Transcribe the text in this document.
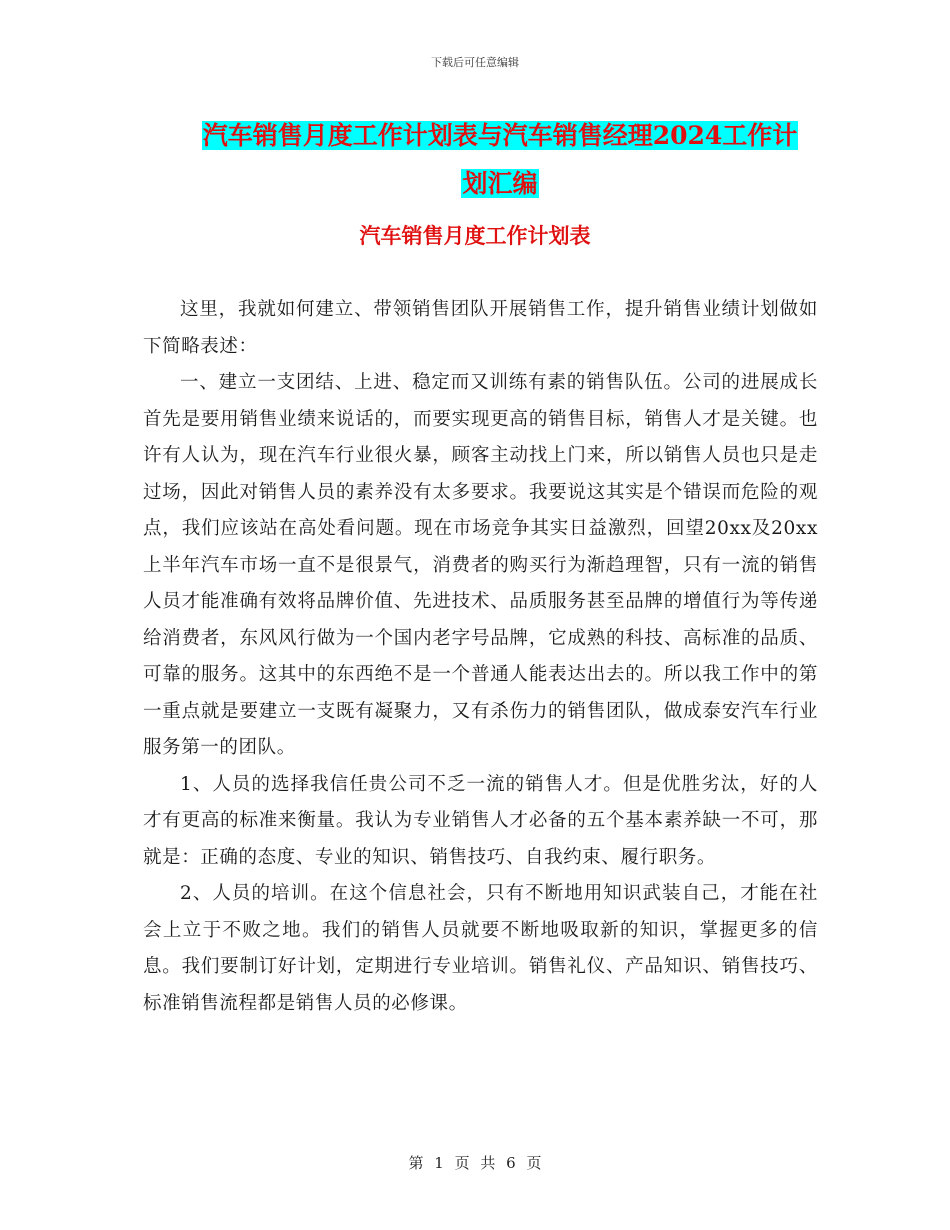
下载后可任意编辑
汽车销售月度工作计划表与汽车销售经理2024工作计
划汇编
汽车销售月度工作计划表

这里，我就如何建立、带领销售团队开展销售工作，提升销售业绩计划做如下简略表述：

一、建立一支团结、上进、稳定而又训练有素的销售队伍。公司的进展成长首先是要用销售业绩来说话的，而要实现更高的销售目标，销售人才是关键。也许有人认为，现在汽车行业很火暴，顾客主动找上门来，所以销售人员也只是走过场，因此对销售人员的素养没有太多要求。我要说这其实是个错误而危险的观点，我们应该站在高处看问题。现在市场竞争其实日益激烈，回望20xx及20xx上半年汽车市场一直不是很景气，消费者的购买行为渐趋理智，只有一流的销售人员才能准确有效将品牌价值、先进技术、品质服务甚至品牌的增值行为等传递给消费者，东风风行做为一个国内老字号品牌，它成熟的科技、高标准的品质、可靠的服务。这其中的东西绝不是一个普通人能表达出去的。所以我工作中的第一重点就是要建立一支既有凝聚力，又有杀伤力的销售团队，做成泰安汽车行业服务第一的团队。

1、人员的选择我信任贵公司不乏一流的销售人才。但是优胜劣汰，好的人才有更高的标准来衡量。我认为专业销售人才必备的五个基本素养缺一不可，那就是：正确的态度、专业的知识、销售技巧、自我约束、履行职务。

2、人员的培训。在这个信息社会，只有不断地用知识武装自己，才能在社会上立于不败之地。我们的销售人员就要不断地吸取新的知识，掌握更多的信息。我们要制订好计划，定期进行专业培训。销售礼仪、产品知识、销售技巧、标准销售流程都是销售人员的必修课。

第 1 页 共 6 页
